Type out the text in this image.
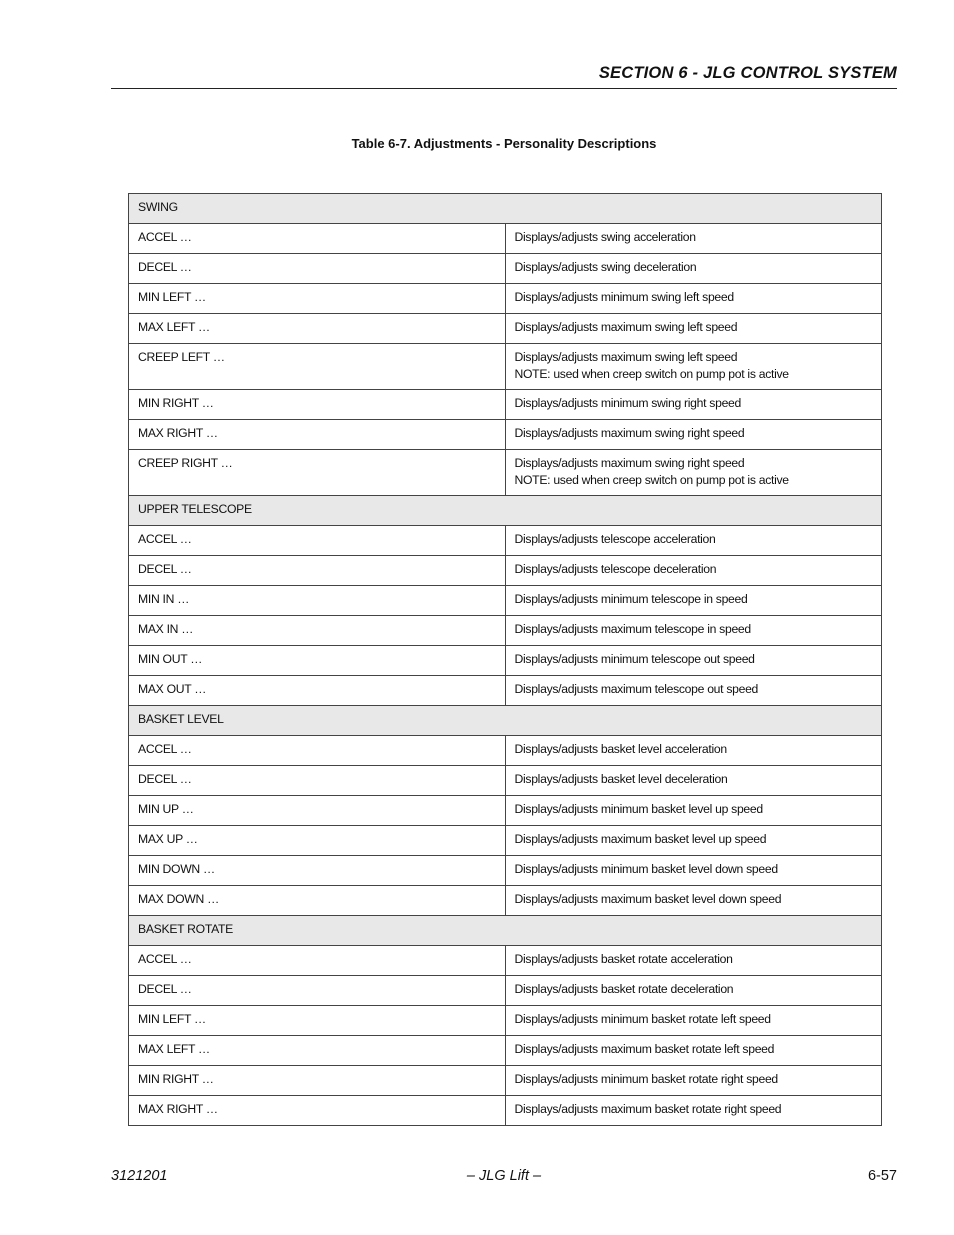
SECTION 6 - JLG CONTROL SYSTEM
Table 6-7. Adjustments - Personality Descriptions
SWING	
ACCEL …	Displays/adjusts swing acceleration

DECEL …	Displays/adjusts swing deceleration

MIN LEFT …	Displays/adjusts minimum swing left speed

MAX LEFT …	Displays/adjusts maximum swing left speed

CREEP LEFT …	Displays/adjusts maximum swing left speed
NOTE: used when creep switch on pump pot is active

MIN RIGHT …	Displays/adjusts minimum swing right speed

MAX RIGHT …	Displays/adjusts maximum swing right speed

CREEP RIGHT …	Displays/adjusts maximum swing right speed
NOTE: used when creep switch on pump pot is active

UPPER TELESCOPE	
ACCEL …	Displays/adjusts telescope acceleration

DECEL …	Displays/adjusts telescope deceleration

MIN IN …	Displays/adjusts minimum telescope in speed

MAX IN …	Displays/adjusts maximum telescope in speed

MIN OUT …	Displays/adjusts minimum telescope out speed

MAX OUT …	Displays/adjusts maximum telescope out speed

BASKET LEVEL	
ACCEL …	Displays/adjusts basket level acceleration

DECEL …	Displays/adjusts basket level deceleration

MIN UP …	Displays/adjusts minimum basket level up speed

MAX UP …	Displays/adjusts maximum basket level up speed

MIN DOWN …	Displays/adjusts minimum basket level down speed

MAX DOWN …	Displays/adjusts maximum basket level down speed

BASKET ROTATE	
ACCEL …	Displays/adjusts basket rotate acceleration

DECEL …	Displays/adjusts basket rotate deceleration

MIN LEFT …	Displays/adjusts minimum basket rotate left speed

MAX LEFT …	Displays/adjusts maximum basket rotate left speed

MIN RIGHT …	Displays/adjusts minimum basket rotate right speed

MAX RIGHT …	Displays/adjusts maximum basket rotate right speed
3121201	– JLG Lift –	6-57
